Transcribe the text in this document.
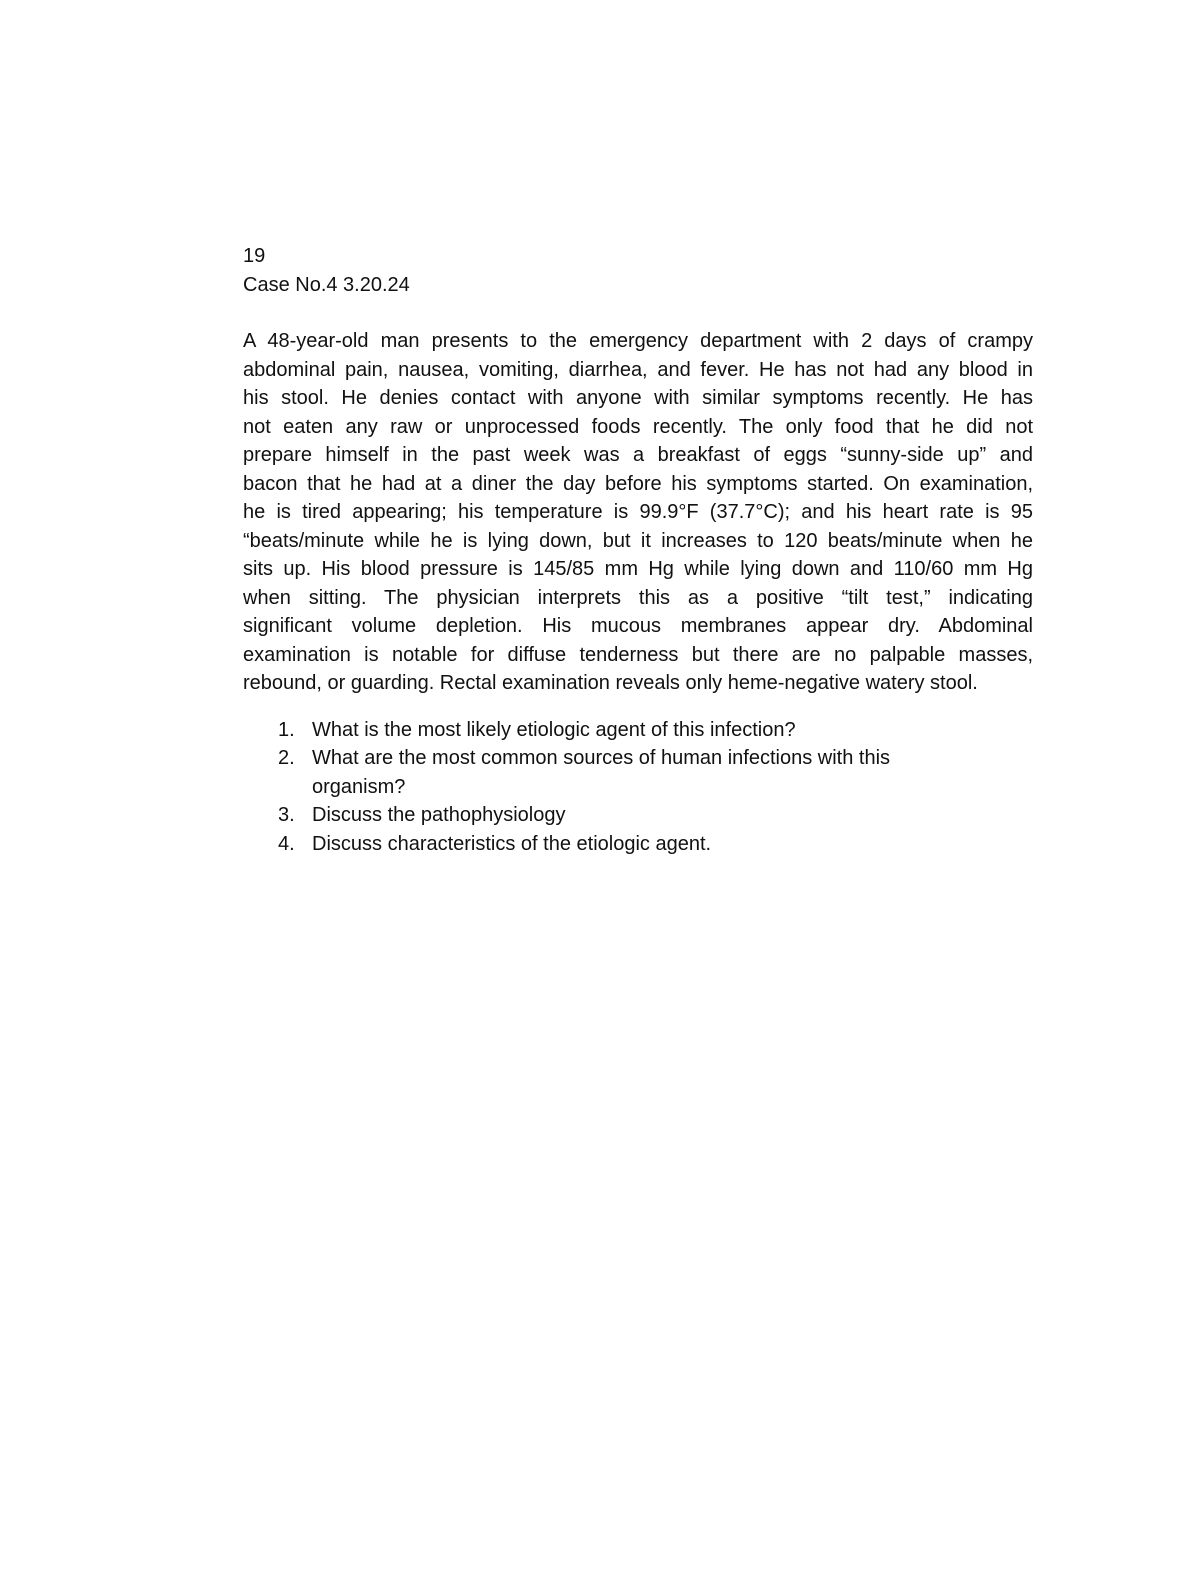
19
Case No.4 3.20.24

A 48-year-old man presents to the emergency department with 2 days of crampy

abdominal pain, nausea, vomiting, diarrhea, and fever. He has not had any blood in

his stool. He denies contact with anyone with similar symptoms recently. He has

not eaten any raw or unprocessed foods recently. The only food that he did not

prepare himself in the past week was a breakfast of eggs “sunny-side up” and

bacon that he had at a diner the day before his symptoms started. On examination,

he is tired appearing; his temperature is 99.9°F (37.7°C); and his heart rate is 95

“beats/minute while he is lying down, but it increases to 120 beats/minute when he

sits up. His blood pressure is 145/85 mm Hg while lying down and 110/60 mm Hg

when sitting. The physician interprets this as a positive “tilt test,” indicating

significant volume depletion. His mucous membranes appear dry. Abdominal

examination is notable for diffuse tenderness but there are no palpable masses,

rebound, or guarding. Rectal examination reveals only heme-negative watery stool.

1. What is the most likely etiologic agent of this infection?
2. What are the most common sources of human infections with this organism?
3. Discuss the pathophysiology
4. Discuss characteristics of the etiologic agent.
